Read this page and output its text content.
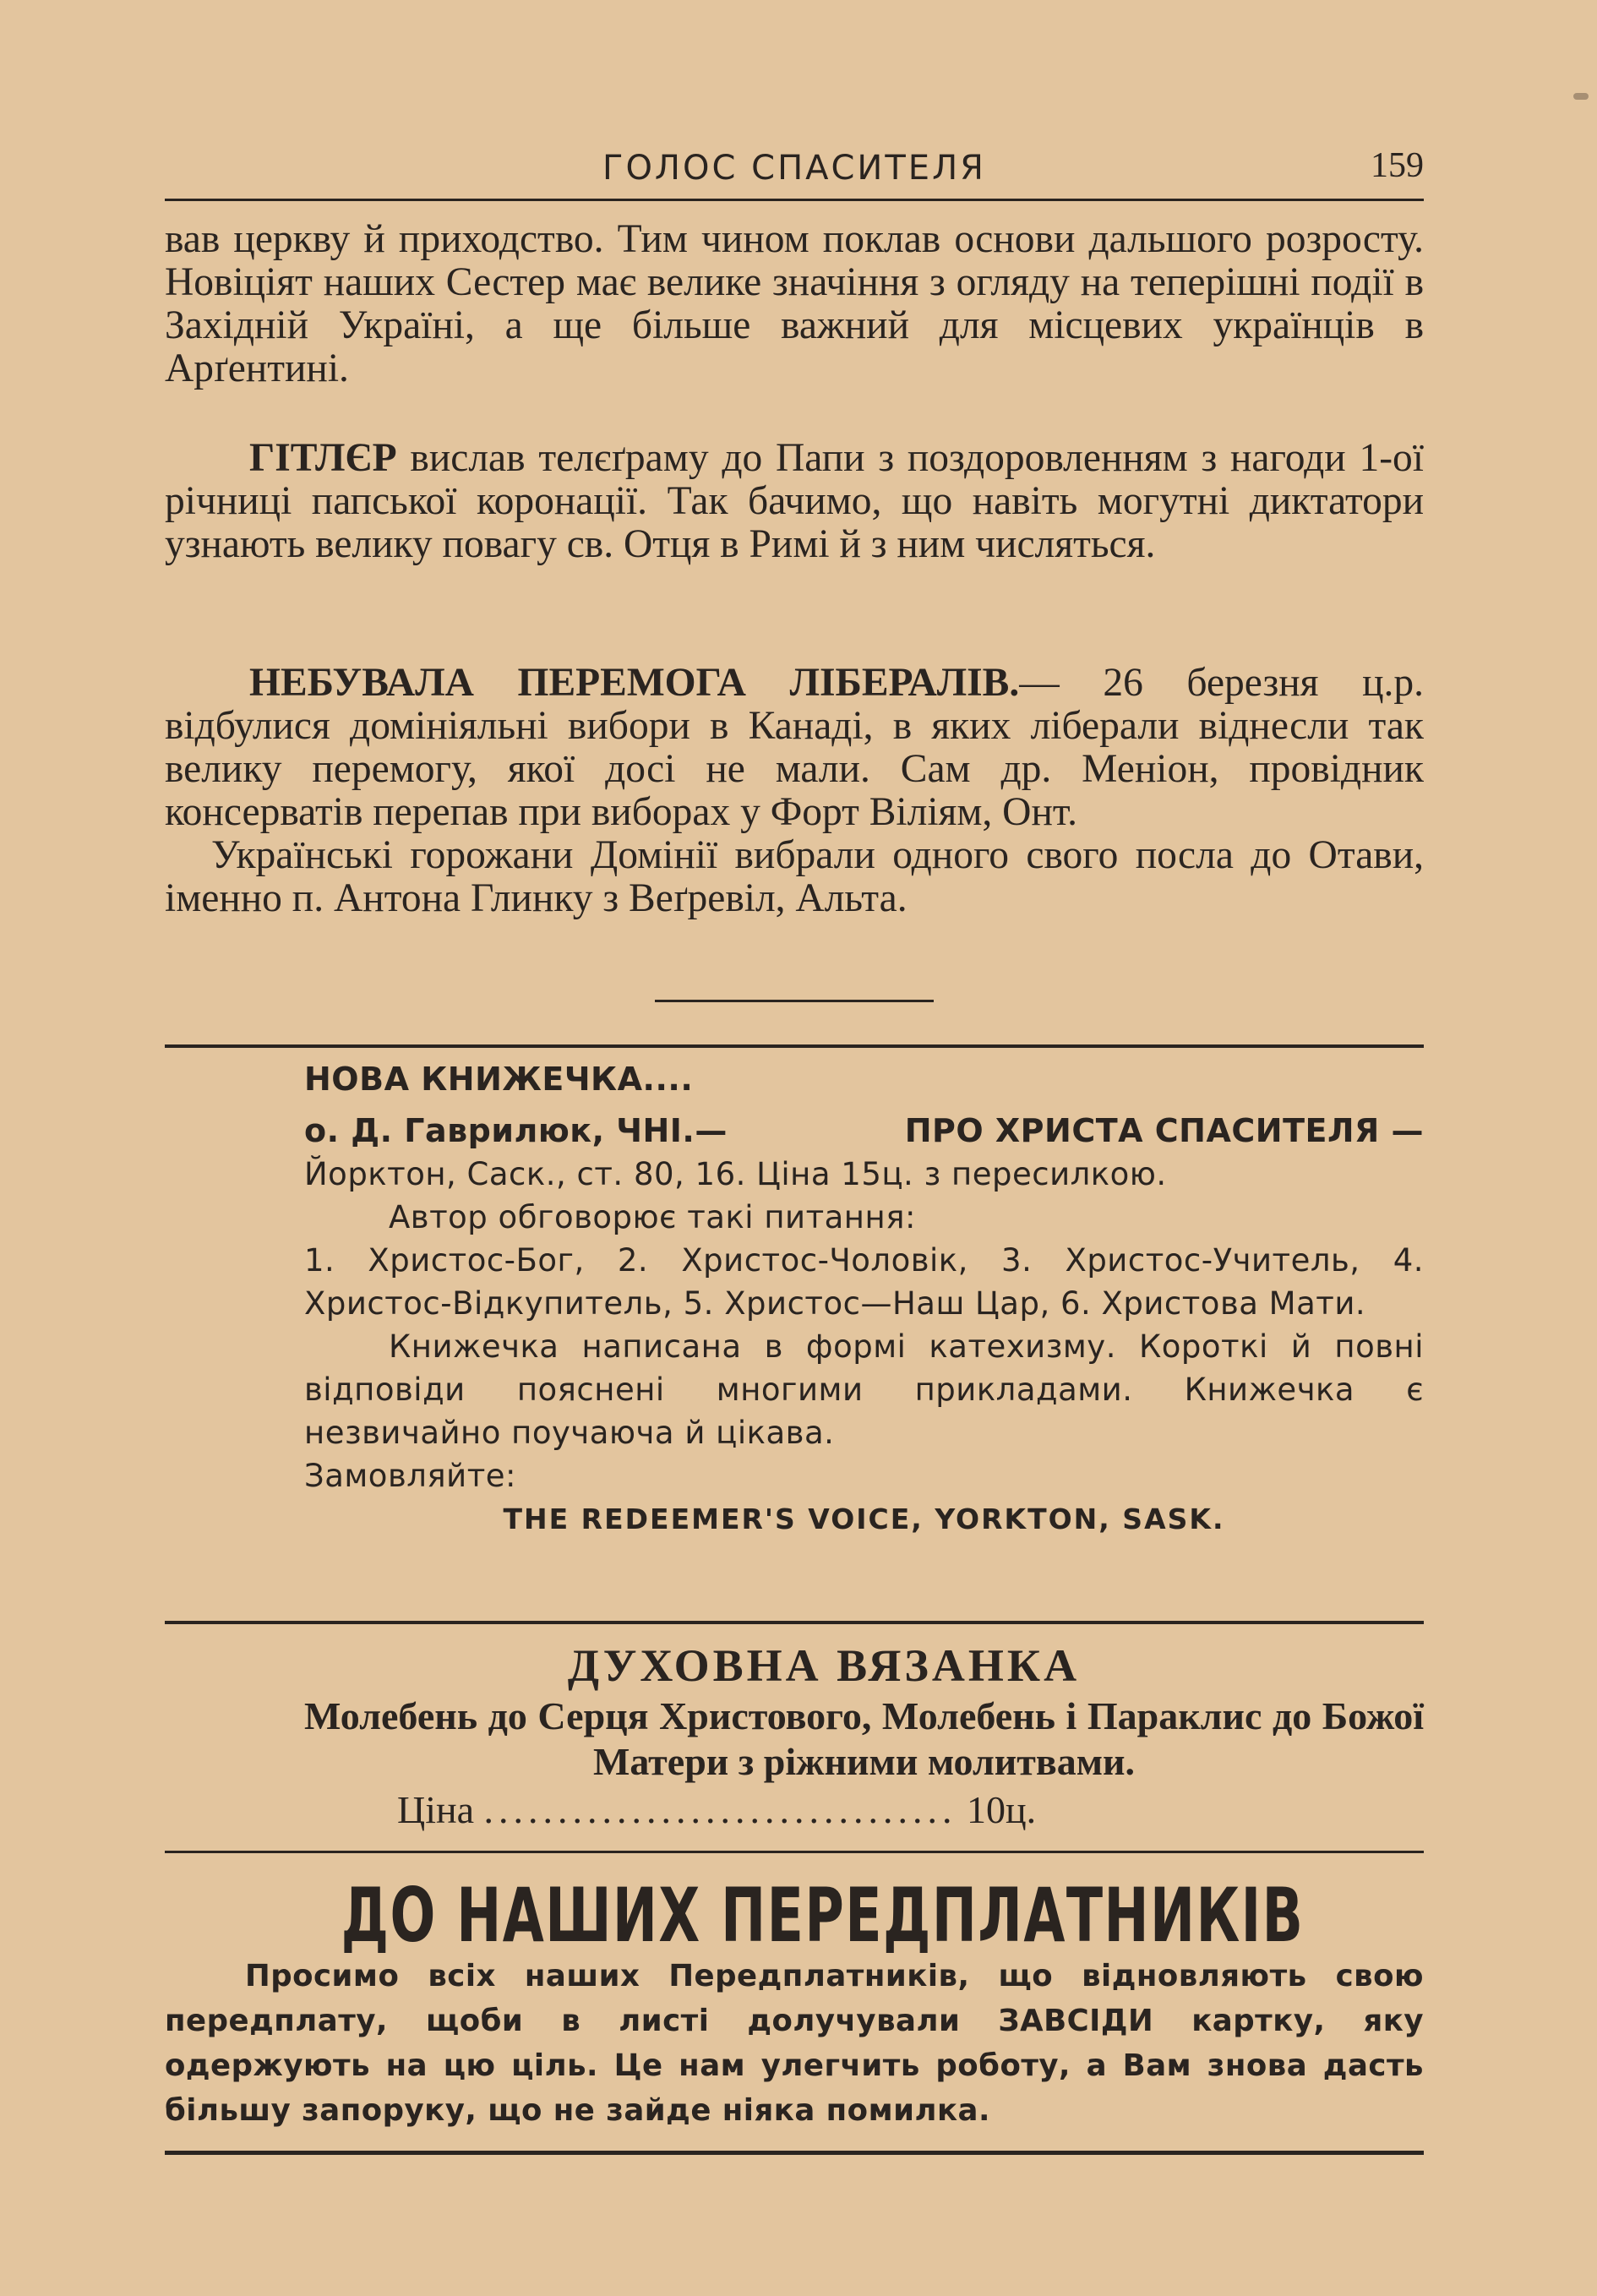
ГОЛОС СПАСИТЕЛЯ	159

вав церкву й приходство. Тим чином поклав основи дальшого розросту. Новіціят наших Сестер має велике значіння з огляду на теперішні події в Західній Україні, а ще більше важний для місцевих українців в Арґентині.

ГІТЛЄР вислав телєґраму до Папи з поздоровленням з нагоди 1-ої річниці папської коронації. Так бачимо, що навіть могутні диктатори узнають велику повагу св. Отця в Римі й з ним числяться.

НЕБУВАЛА ПЕРЕМОГА ЛІБЕРАЛІВ.— 26 березня ц.р. відбулися домініяльні вибори в Канаді, в яких ліберали віднесли так велику перемогу, якої досі не мали. Сам др. Меніон, провідник консерватів перепав при виборах у Форт Віліям, Онт.

Українські горожани Домінії вибрали одного свого посла до Отави, іменно п. Антона Глинку з Веґревіл, Альта.

НОВА КНИЖЕЧКА....
о. Д. Гаврилюк, ЧНІ.—	ПРО ХРИСТА СПАСИТЕЛЯ —
Йорктон, Саск., ст. 80, 16. Ціна 15ц. з пересилкою.
Автор обговорює такі питання:

1. Христос-Бог, 2. Христос-Чоловік, 3. Христос-Учитель, 4. Христос-Відкупитель, 5. Христос—Наш Цар, 6. Христова Мати.

Книжечка написана в формі катехизму. Короткі й повні відповіди пояснені многими прикладами. Книжечка є незвичайно поучаюча й цікава.

Замовляйте:
THE REDEEMER'S VOICE, YORKTON, SASK.
ДУХОВНА ВЯЗАНКА
Молебень до Серця Христового, Молебень і Параклис до Божої Матери з ріжними молитвами.
Ціна ................................ 10ц.
ДО НАШИХ ПЕРЕДПЛАТНИКІВ

Просимо всіх наших Передплатників, що відновляють свою передплату, щоби в листі долучували ЗАВСІДИ картку, яку одержують на цю ціль. Це нам улегчить роботу, а Вам знова дасть більшу запоруку, що не зайде ніяка помилка.
